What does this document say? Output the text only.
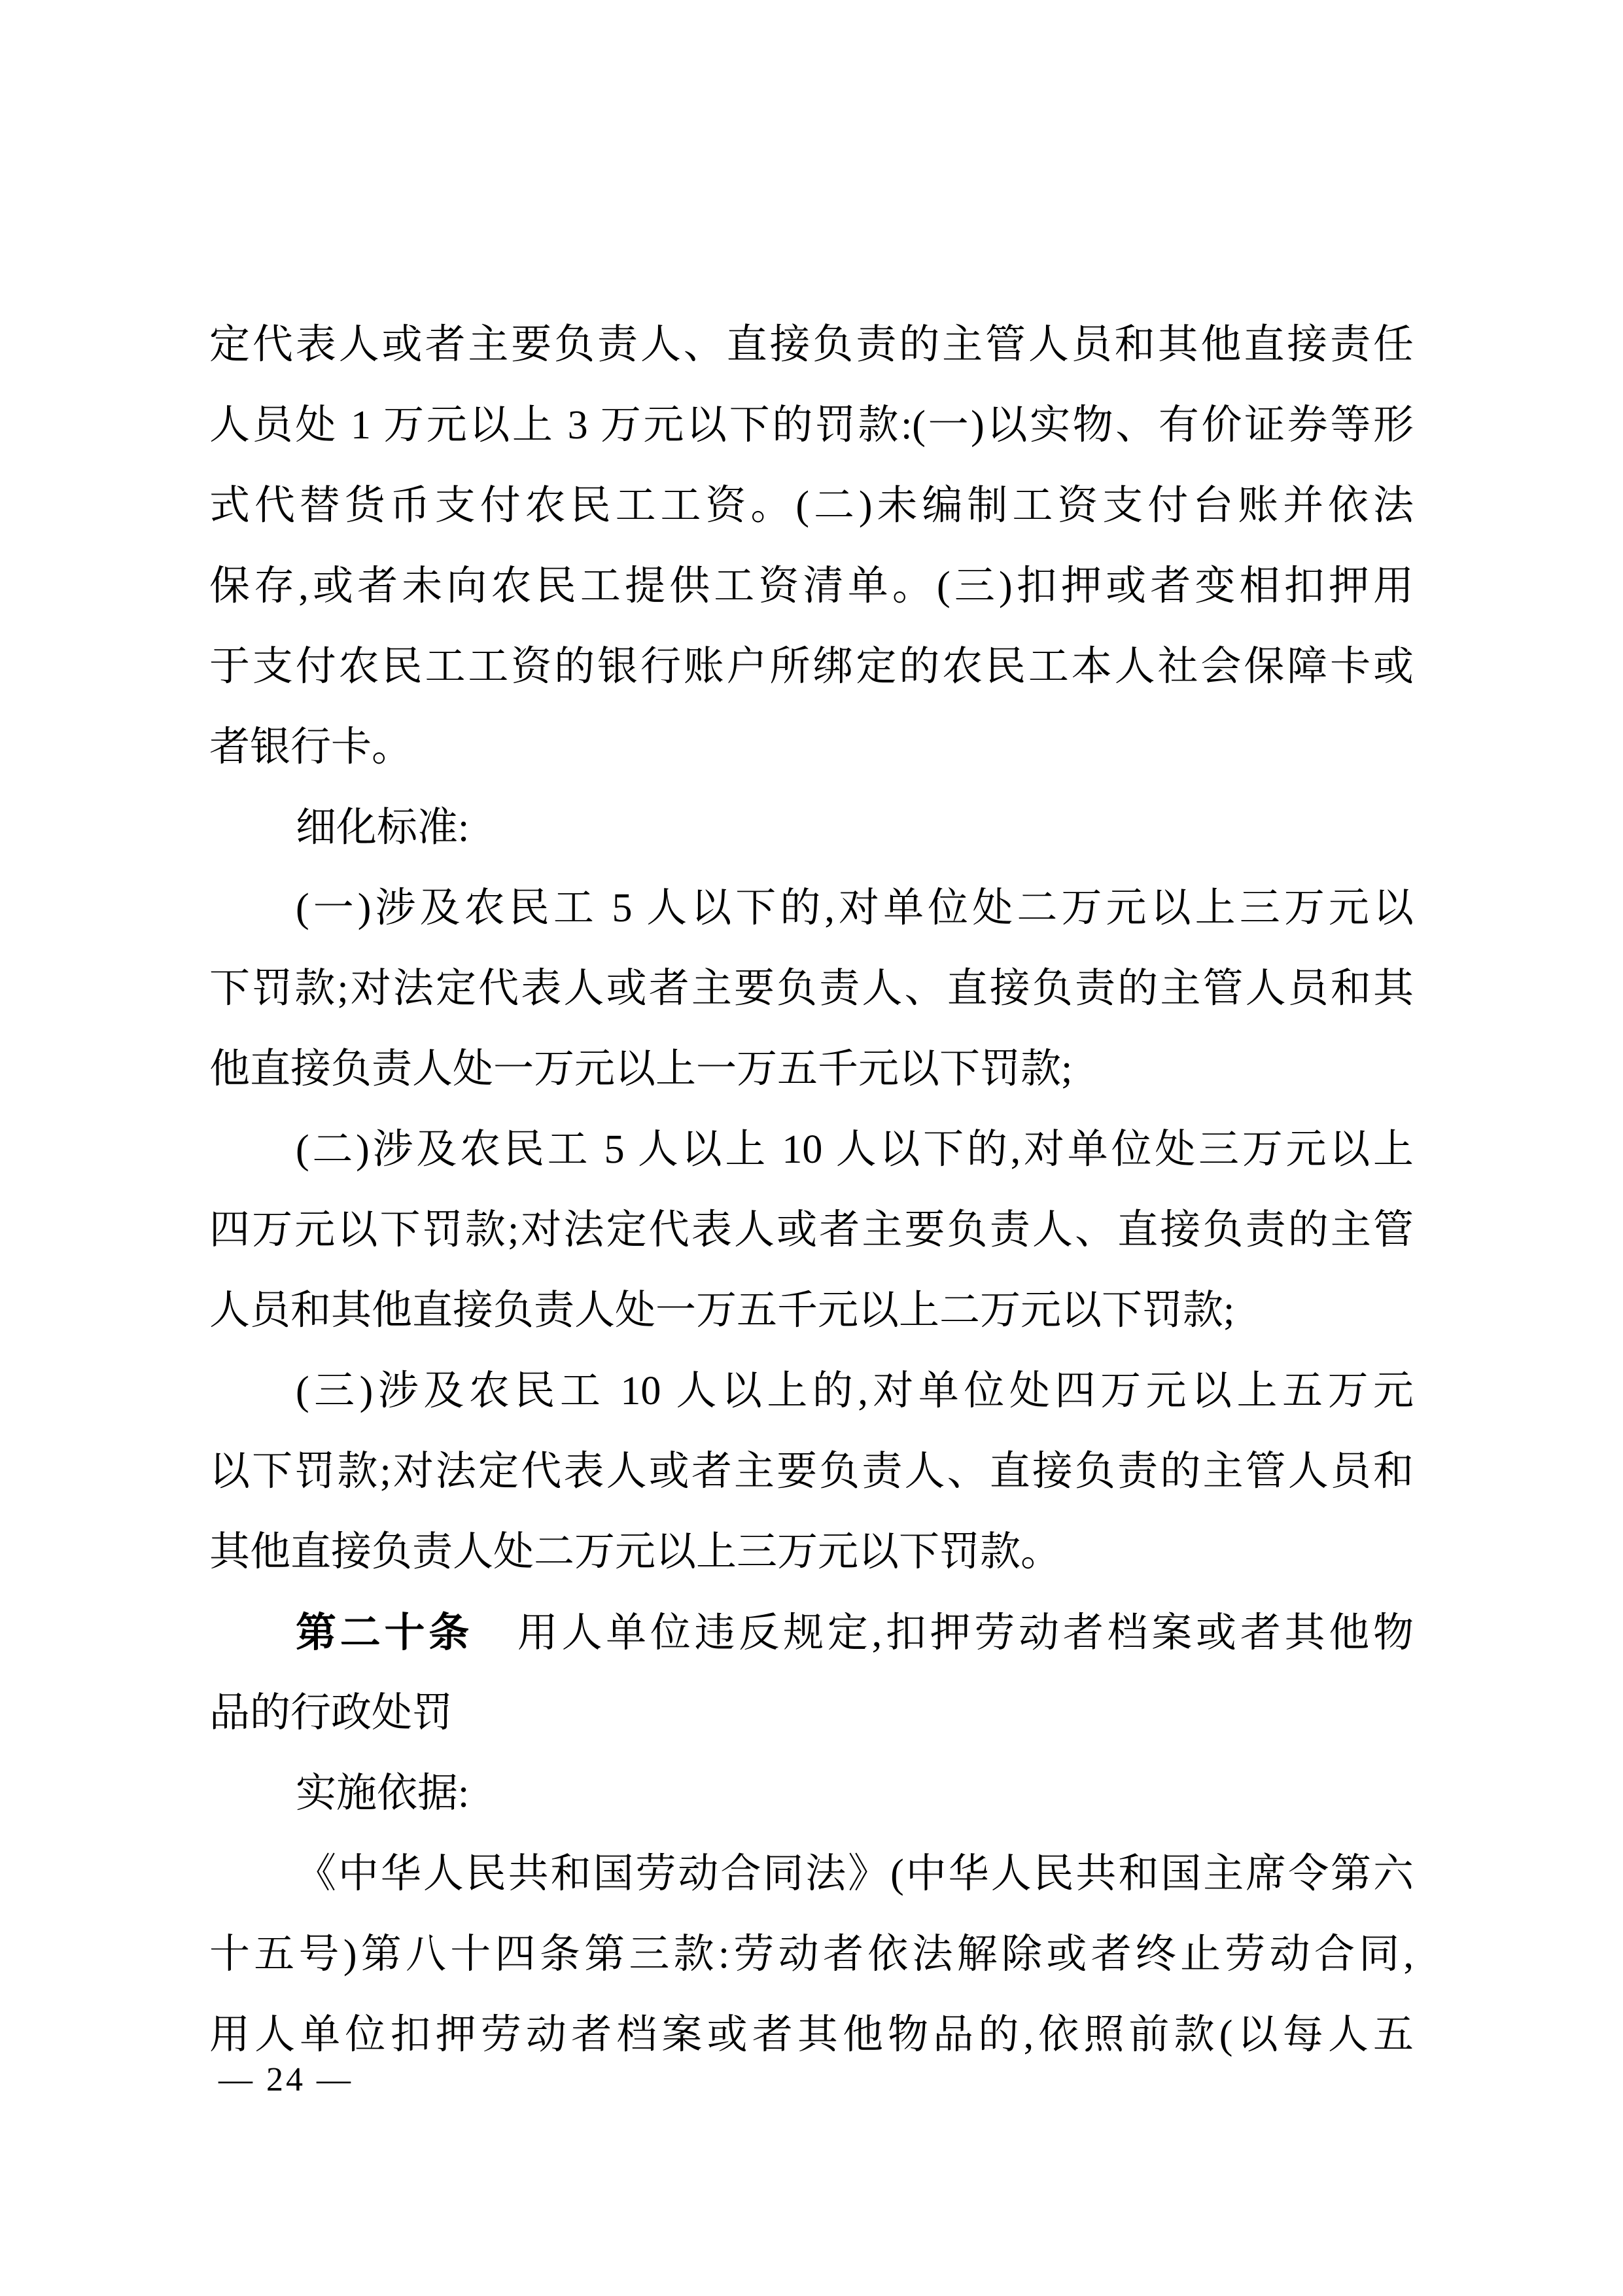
定代表人或者主要负责人、直接负责的主管人员和其他直接责任
人员处 1 万元以上 3 万元以下的罚款:(一)以实物、有价证券等形
式代替货币支付农民工工资。(二)未编制工资支付台账并依法
保存,或者未向农民工提供工资清单。(三)扣押或者变相扣押用
于支付农民工工资的银行账户所绑定的农民工本人社会保障卡或
者银行卡。
细化标准:
(一)涉及农民工 5 人以下的,对单位处二万元以上三万元以
下罚款;对法定代表人或者主要负责人、直接负责的主管人员和其
他直接负责人处一万元以上一万五千元以下罚款;
(二)涉及农民工 5 人以上 10 人以下的,对单位处三万元以上
四万元以下罚款;对法定代表人或者主要负责人、直接负责的主管
人员和其他直接负责人处一万五千元以上二万元以下罚款;
(三)涉及农民工 10 人以上的,对单位处四万元以上五万元
以下罚款;对法定代表人或者主要负责人、直接负责的主管人员和
其他直接负责人处二万元以上三万元以下罚款。
第二十条　用人单位违反规定,扣押劳动者档案或者其他物
品的行政处罚
实施依据:
《中华人民共和国劳动合同法》(中华人民共和国主席令第六
十五号)第八十四条第三款:劳动者依法解除或者终止劳动合同,
用人单位扣押劳动者档案或者其他物品的,依照前款(以每人五
— 24 —
